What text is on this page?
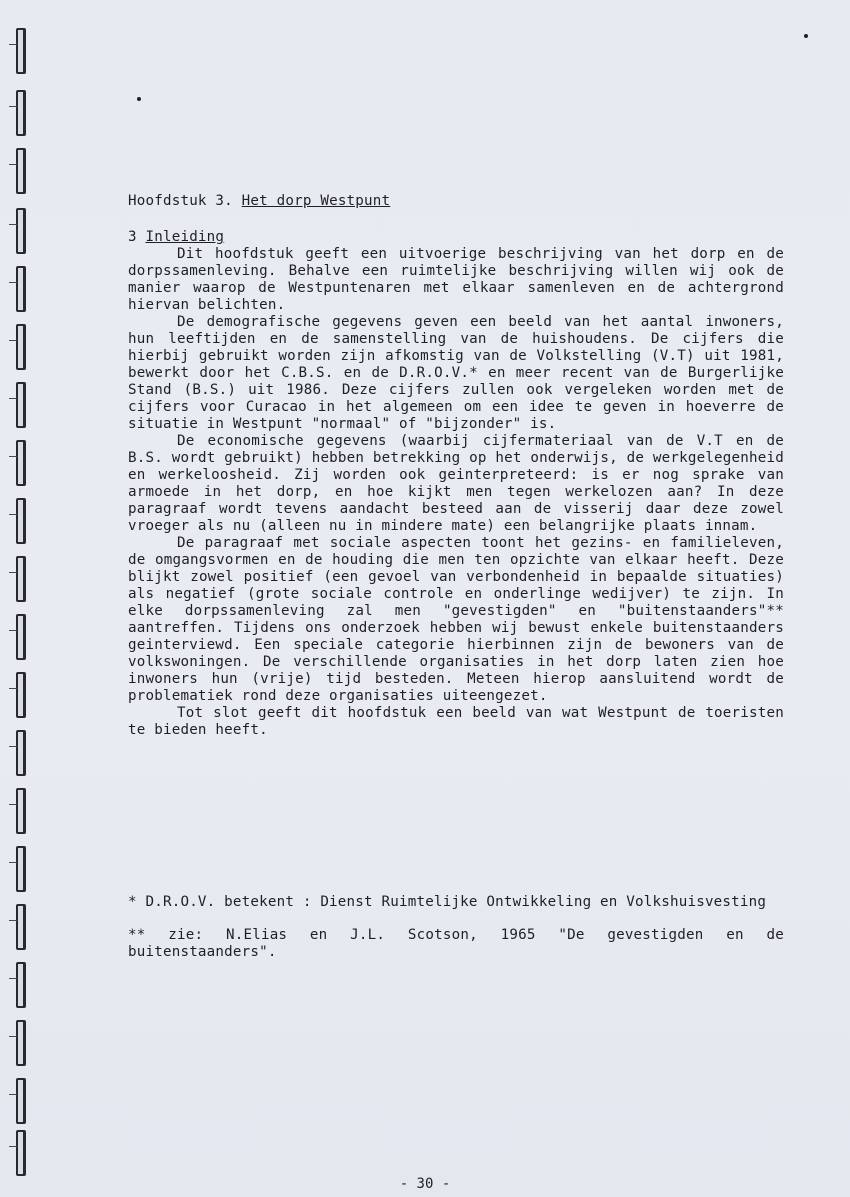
Hoofdstuk 3. Het dorp Westpunt

3 Inleiding

Dit hoofdstuk geeft een uitvoerige beschrijving van het dorp en de dorpssamenleving. Behalve een ruimtelijke beschrijving willen wij ook de manier waarop de Westpuntenaren met elkaar samenleven en de achtergrond hiervan belichten.

De demografische gegevens geven een beeld van het aantal inwoners, hun leeftijden en de samenstelling van de huishoudens. De cijfers die hierbij gebruikt worden zijn afkomstig van de Volkstelling (V.T) uit 1981, bewerkt door het C.B.S. en de D.R.O.V.* en meer recent van de Burgerlijke Stand (B.S.) uit 1986. Deze cijfers zullen ook vergeleken worden met de cijfers voor Curacao in het algemeen om een idee te geven in hoeverre de situatie in Westpunt "normaal" of "bijzonder" is.

De economische gegevens (waarbij cijfermateriaal van de V.T en de B.S. wordt gebruikt) hebben betrekking op het onderwijs, de werkgelegenheid en werkeloosheid. Zij worden ook geinterpreteerd: is er nog sprake van armoede in het dorp, en hoe kijkt men tegen werkelozen aan? In deze paragraaf wordt tevens aandacht besteed aan de visserij daar deze zowel vroeger als nu (alleen nu in mindere mate) een belangrijke plaats innam.

De paragraaf met sociale aspecten toont het gezins- en familieleven, de omgangsvormen en de houding die men ten opzichte van elkaar heeft. Deze blijkt zowel positief (een gevoel van verbondenheid in bepaalde situaties) als negatief (grote sociale controle en onderlinge wedijver) te zijn. In elke dorpssamenleving zal men "gevestigden" en "buitenstaanders"** aantreffen. Tijdens ons onderzoek hebben wij bewust enkele buitenstaanders geinterviewd. Een speciale categorie hierbinnen zijn de bewoners van de volkswoningen. De verschillende organisaties in het dorp laten zien hoe inwoners hun (vrije) tijd besteden. Meteen hierop aansluitend wordt de problematiek rond deze organisaties uiteengezet.

Tot slot geeft dit hoofdstuk een beeld van wat Westpunt de toeristen te bieden heeft.

* D.R.O.V. betekent : Dienst Ruimtelijke Ontwikkeling en Volkshuisvesting

** zie: N.Elias en J.L. Scotson, 1965 "De gevestigden en de buitenstaanders".

- 30 -
